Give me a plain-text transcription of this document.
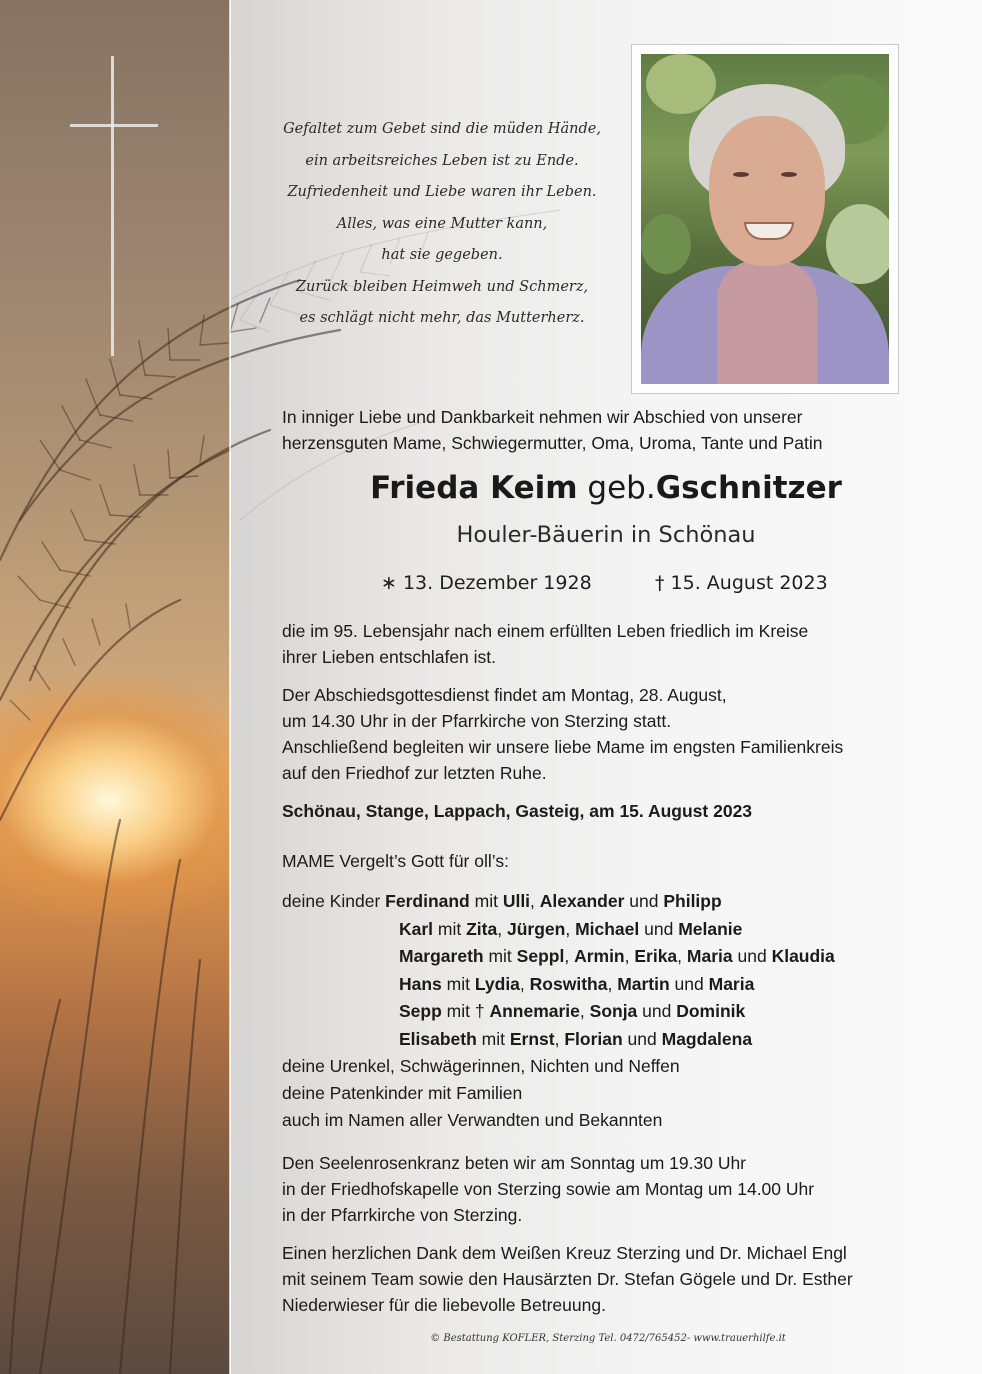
Gefaltet zum Gebet sind die müden Hände,
ein arbeitsreiches Leben ist zu Ende.
Zufriedenheit und Liebe waren ihr Leben.
Alles, was eine Mutter kann,
hat sie gegeben.
Zurück bleiben Heimweh und Schmerz,
es schlägt nicht mehr, das Mutterherz.
In inniger Liebe und Dankbarkeit nehmen wir Abschied von unserer
herzensguten Mame, Schwiegermutter, Oma, Uroma, Tante und Patin
Frieda Keim geb.Gschnitzer
Houler-Bäuerin in Schönau
∗ 13. Dezember 1928	† 15. August 2023
die im 95. Lebensjahr nach einem erfüllten Leben friedlich im Kreise
ihrer Lieben entschlafen ist.
Der Abschiedsgottesdienst findet am Montag, 28. August,
um 14.30 Uhr in der Pfarrkirche von Sterzing statt.
Anschließend begleiten wir unsere liebe Mame im engsten Familienkreis
auf den Friedhof zur letzten Ruhe.
Schönau, Stange, Lappach, Gasteig, am 15. August 2023
MAME Vergelt’s Gott für oll’s:
deine Kinder Ferdinand mit Ulli, Alexander und Philipp
Karl mit Zita, Jürgen, Michael und Melanie
Margareth mit Seppl, Armin, Erika, Maria und Klaudia
Hans mit Lydia, Roswitha, Martin und Maria
Sepp mit † Annemarie, Sonja und Dominik
Elisabeth mit Ernst, Florian und Magdalena
deine Urenkel, Schwägerinnen, Nichten und Neffen
deine Patenkinder mit Familien
auch im Namen aller Verwandten und Bekannten
Den Seelenrosenkranz beten wir am Sonntag um 19.30 Uhr
in der Friedhofskapelle von Sterzing sowie am Montag um 14.00 Uhr
in der Pfarrkirche von Sterzing.
Einen herzlichen Dank dem Weißen Kreuz Sterzing und Dr. Michael Engl
mit seinem Team sowie den Hausärzten Dr. Stefan Gögele und Dr. Esther
Niederwieser für die liebevolle Betreuung.
© Bestattung KOFLER, Sterzing Tel. 0472/765452- www.trauerhilfe.it
